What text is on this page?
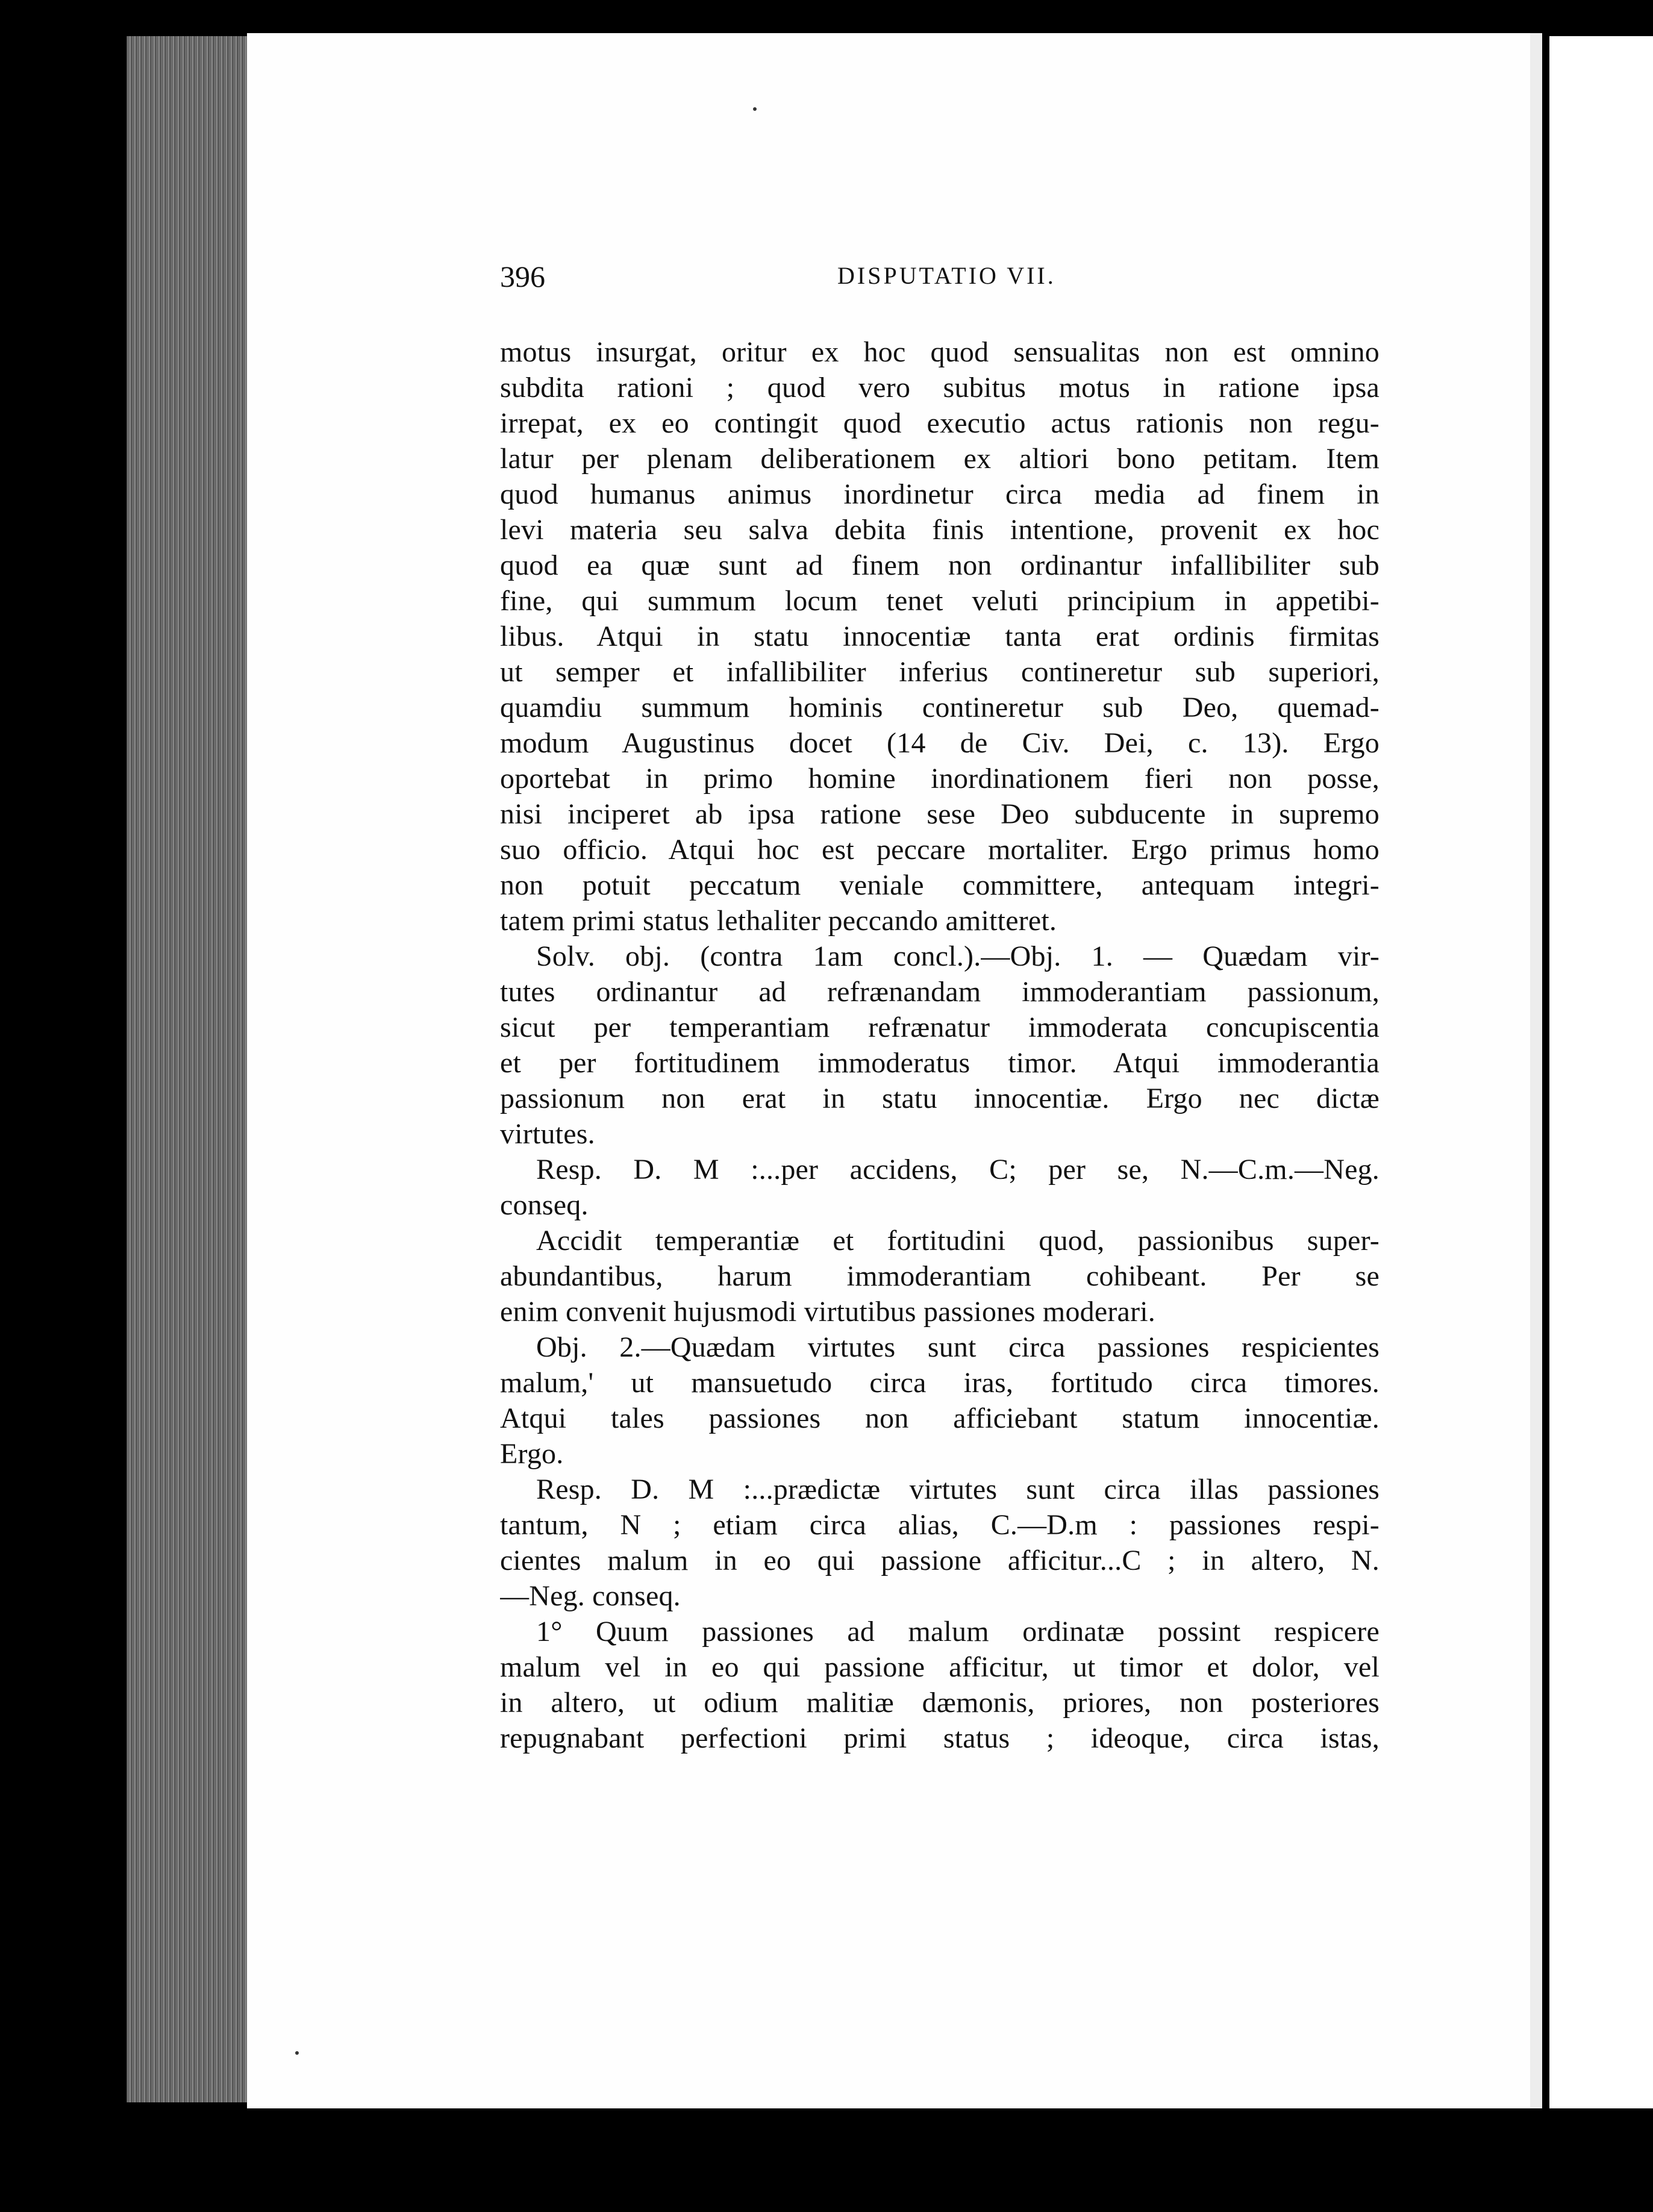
396	DISPUTATIO VII.
motus insurgat, oritur ex hoc quod sensualitas non est omnino
subdita rationi ; quod vero subitus motus in ratione ipsa
irrepat, ex eo contingit quod executio actus rationis non regu-
latur per plenam deliberationem ex altiori bono petitam. Item
quod humanus animus inordinetur circa media ad finem in
levi materia seu salva debita finis intentione, provenit ex hoc
quod ea quæ sunt ad finem non ordinantur infallibiliter sub
fine, qui summum locum tenet veluti principium in appetibi-
libus. Atqui in statu innocentiæ tanta erat ordinis firmitas
ut semper et infallibiliter inferius contineretur sub superiori,
quamdiu summum hominis contineretur sub Deo, quemad-
modum Augustinus docet (14 de Civ. Dei, c. 13). Ergo
oportebat in primo homine inordinationem fieri non posse,
nisi inciperet ab ipsa ratione sese Deo subducente in supremo
suo officio. Atqui hoc est peccare mortaliter. Ergo primus homo
non potuit peccatum veniale committere, antequam integri-
tatem primi status lethaliter peccando amitteret.
Solv. obj. (contra 1am concl.).—Obj. 1. — Quædam vir-
tutes ordinantur ad refrænandam immoderantiam passionum,
sicut per temperantiam refrænatur immoderata concupiscentia
et per fortitudinem immoderatus timor. Atqui immoderantia
passionum non erat in statu innocentiæ. Ergo nec dictæ
virtutes.
Resp. D. M :...per accidens, C; per se, N.—C.m.—Neg.
conseq.
Accidit temperantiæ et fortitudini quod, passionibus super-
abundantibus, harum immoderantiam cohibeant. Per se
enim convenit hujusmodi virtutibus passiones moderari.
Obj. 2.—Quædam virtutes sunt circa passiones respicientes
malum,' ut mansuetudo circa iras, fortitudo circa timores.
Atqui tales passiones non afficiebant statum innocentiæ.
Ergo.
Resp. D. M :...prædictæ virtutes sunt circa illas passiones
tantum, N ; etiam circa alias, C.—D.m : passiones respi-
cientes malum in eo qui passione afficitur...C ; in altero, N.
—Neg. conseq.
1° Quum passiones ad malum ordinatæ possint respicere
malum vel in eo qui passione afficitur, ut timor et dolor, vel
in altero, ut odium malitiæ dæmonis, priores, non posteriores
repugnabant perfectioni primi status ; ideoque, circa istas,
